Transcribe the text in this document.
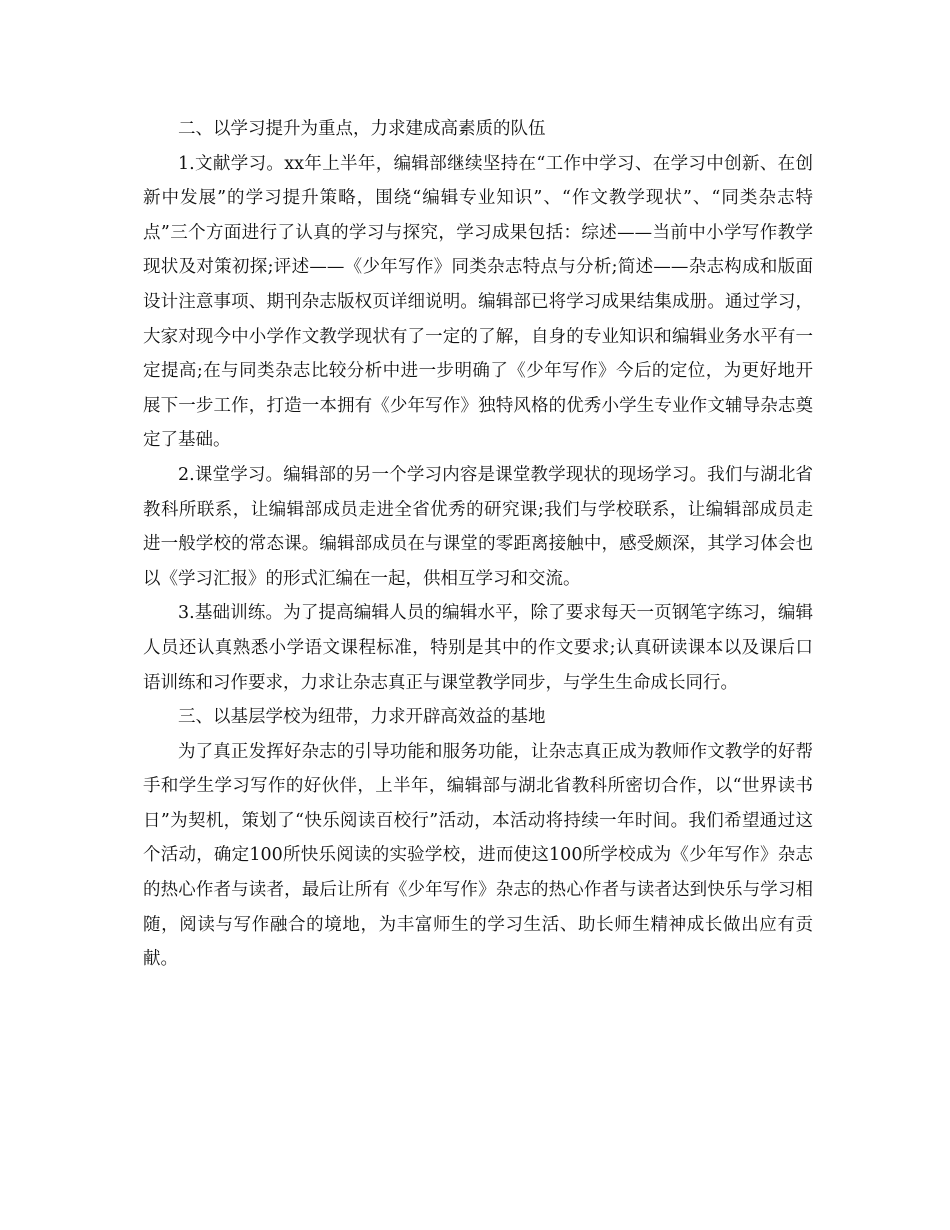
二、以学习提升为重点，力求建成高素质的队伍

1.文献学习。xx年上半年，编辑部继续坚持在“工作中学习、在学习中创新、在创新中发展”的学习提升策略，围绕“编辑专业知识”、“作文教学现状”、“同类杂志特点”三个方面进行了认真的学习与探究，学习成果包括：综述——当前中小学写作教学现状及对策初探;评述——《少年写作》同类杂志特点与分析;简述——杂志构成和版面设计注意事项、期刊杂志版权页详细说明。编辑部已将学习成果结集成册。通过学习，大家对现今中小学作文教学现状有了一定的了解，自身的专业知识和编辑业务水平有一定提高;在与同类杂志比较分析中进一步明确了《少年写作》今后的定位，为更好地开展下一步工作，打造一本拥有《少年写作》独特风格的优秀小学生专业作文辅导杂志奠定了基础。

2.课堂学习。编辑部的另一个学习内容是课堂教学现状的现场学习。我们与湖北省教科所联系，让编辑部成员走进全省优秀的研究课;我们与学校联系，让编辑部成员走进一般学校的常态课。编辑部成员在与课堂的零距离接触中，感受颇深，其学习体会也以《学习汇报》的形式汇编在一起，供相互学习和交流。

3.基础训练。为了提高编辑人员的编辑水平，除了要求每天一页钢笔字练习，编辑人员还认真熟悉小学语文课程标准，特别是其中的作文要求;认真研读课本以及课后口语训练和习作要求，力求让杂志真正与课堂教学同步，与学生生命成长同行。

三、以基层学校为纽带，力求开辟高效益的基地

为了真正发挥好杂志的引导功能和服务功能，让杂志真正成为教师作文教学的好帮手和学生学习写作的好伙伴，上半年，编辑部与湖北省教科所密切合作，以“世界读书日”为契机，策划了“快乐阅读百校行”活动，本活动将持续一年时间。我们希望通过这个活动，确定100所快乐阅读的实验学校，进而使这100所学校成为《少年写作》杂志的热心作者与读者，最后让所有《少年写作》杂志的热心作者与读者达到快乐与学习相随，阅读与写作融合的境地，为丰富师生的学习生活、助长师生精神成长做出应有贡献。
